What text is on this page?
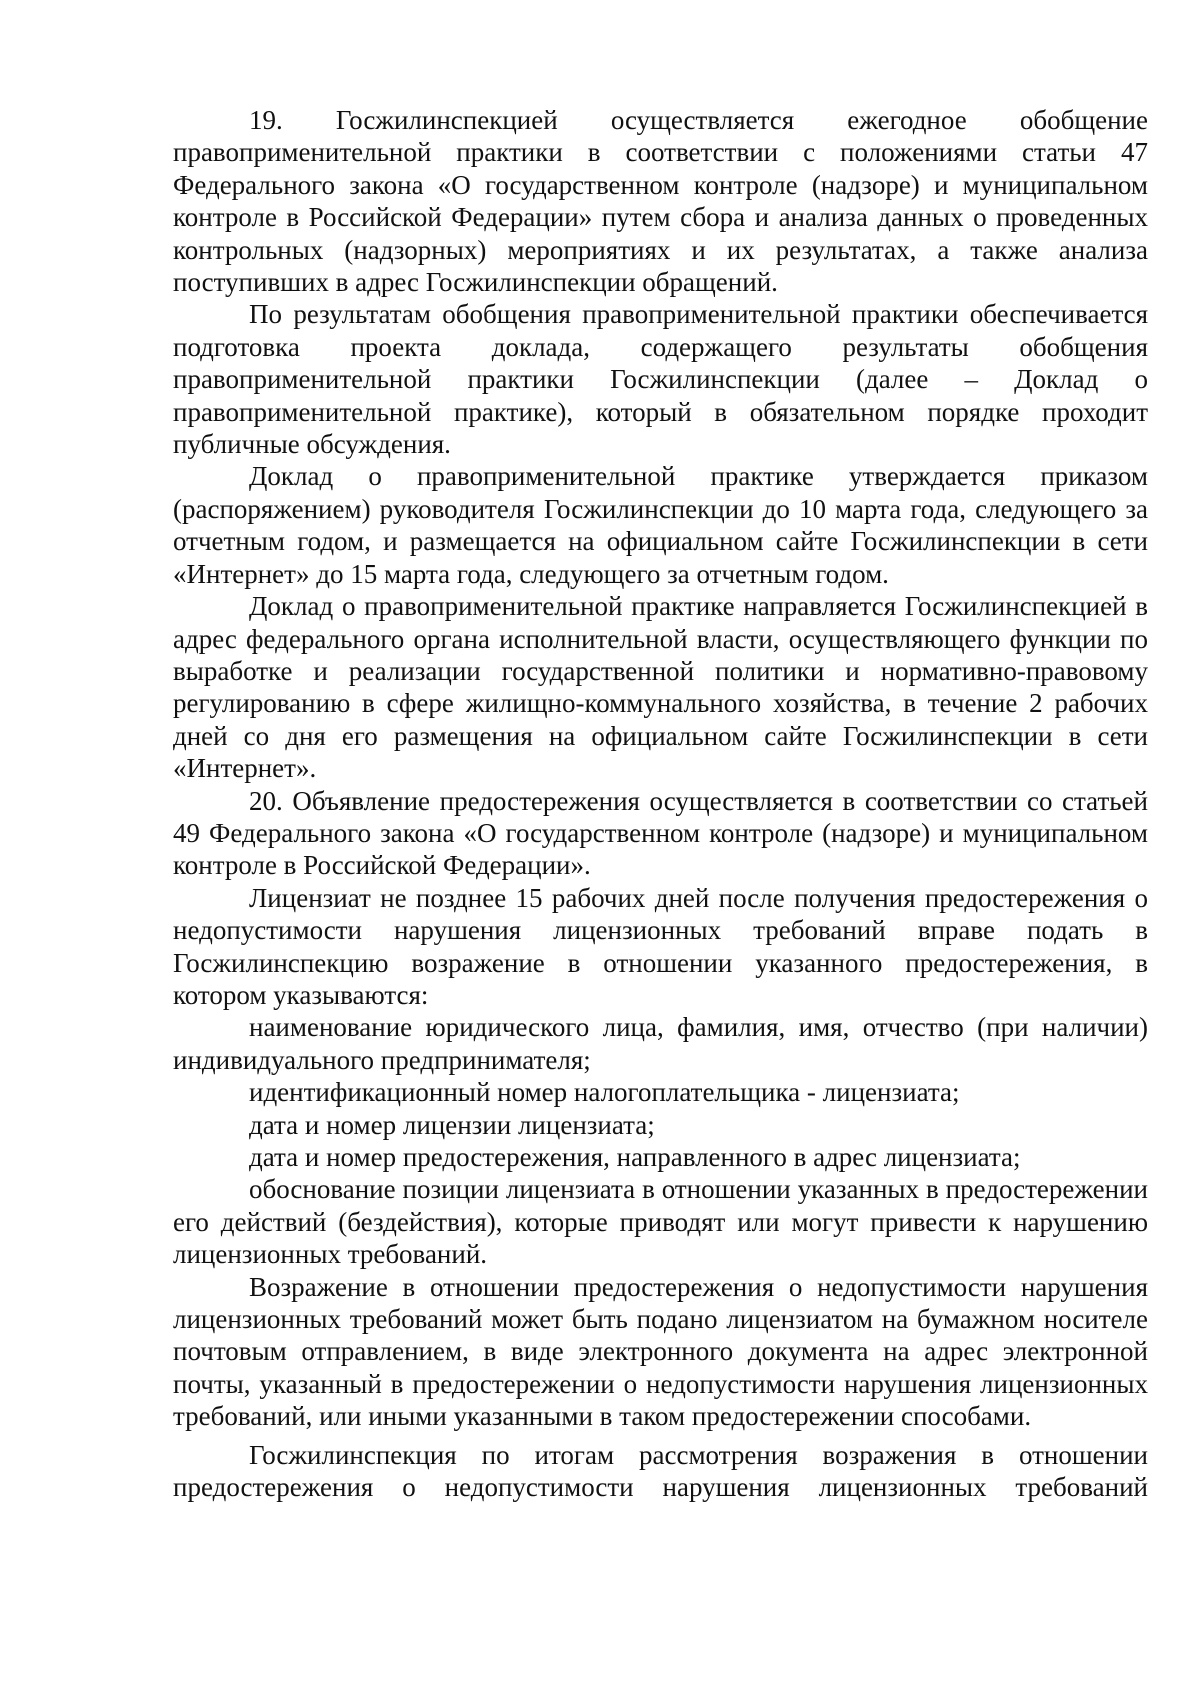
19. Госжилинспекцией осуществляется ежегодное обобщение правоприменительной практики в соответствии с положениями статьи 47 Федерального закона «О государственном контроле (надзоре) и муниципальном контроле в Российской Федерации» путем сбора и анализа данных о проведенных контрольных (надзорных) мероприятиях и их результатах, а также анализа поступивших в адрес Госжилинспекции обращений.

По результатам обобщения правоприменительной практики обеспечивается подготовка проекта доклада, содержащего результаты обобщения правоприменительной практики Госжилинспекции (далее – Доклад о правоприменительной практике), который в обязательном порядке проходит публичные обсуждения.

Доклад о правоприменительной практике утверждается приказом (распоряжением) руководителя Госжилинспекции до 10 марта года, следующего за отчетным годом, и размещается на официальном сайте Госжилинспекции в сети «Интернет» до 15 марта года, следующего за отчетным годом.

Доклад о правоприменительной практике направляется Госжилинспекцией в адрес федерального органа исполнительной власти, осуществляющего функции по выработке и реализации государственной политики и нормативно-правовому регулированию в сфере жилищно-коммунального хозяйства, в течение 2 рабочих дней со дня его размещения на официальном сайте Госжилинспекции в сети «Интернет».

20. Объявление предостережения осуществляется в соответствии со статьей 49 Федерального закона «О государственном контроле (надзоре) и муниципальном контроле в Российской Федерации».

Лицензиат не позднее 15 рабочих дней после получения предостережения о недопустимости нарушения лицензионных требований вправе подать в Госжилинспекцию возражение в отношении указанного предостережения, в котором указываются:

наименование юридического лица, фамилия, имя, отчество (при наличии) индивидуального предпринимателя;

идентификационный номер налогоплательщика - лицензиата;

дата и номер лицензии лицензиата;

дата и номер предостережения, направленного в адрес лицензиата;

обоснование позиции лицензиата в отношении указанных в предостережении его действий (бездействия), которые приводят или могут привести к нарушению лицензионных требований.

Возражение в отношении предостережения о недопустимости нарушения лицензионных требований может быть подано лицензиатом на бумажном носителе почтовым отправлением, в виде электронного документа на адрес электронной почты, указанный в предостережении о недопустимости нарушения лицензионных требований, или иными указанными в таком предостережении способами.

Госжилинспекция по итогам рассмотрения возражения в отношении предостережения о недопустимости нарушения лицензионных требований
